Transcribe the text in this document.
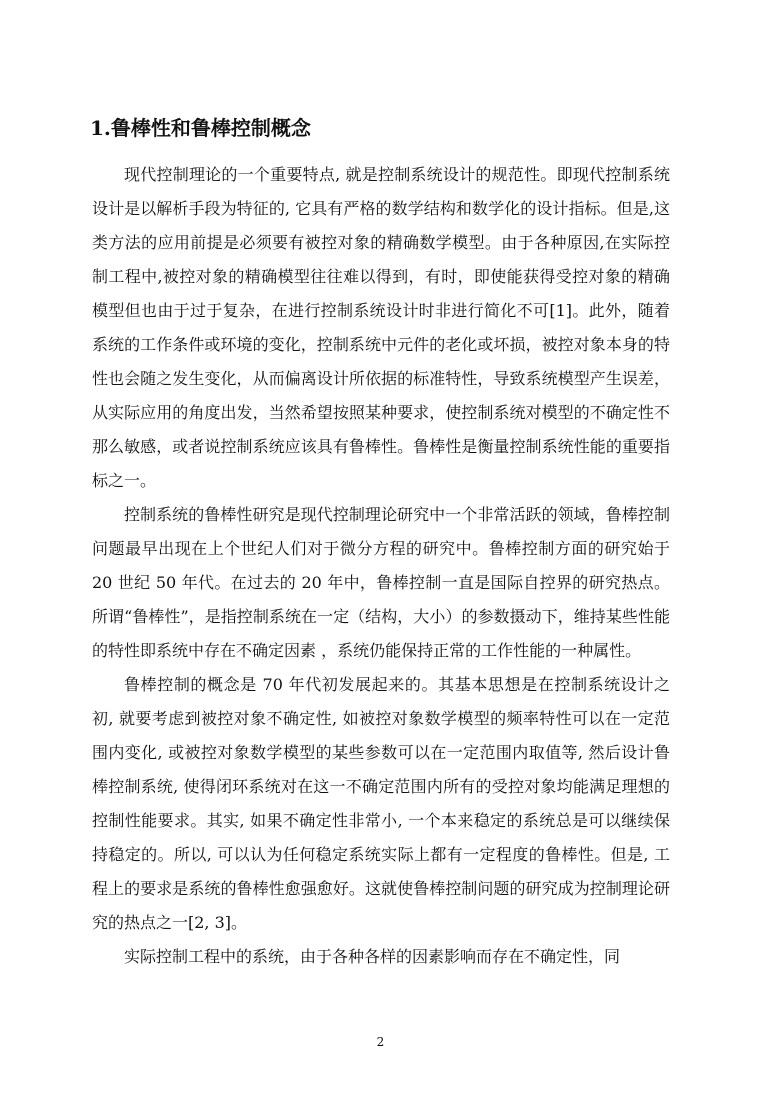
1.鲁棒性和鲁棒控制概念

现代控制理论的一个重要特点, 就是控制系统设计的规范性。即现代控制系统设计是以解析手段为特征的, 它具有严格的数学结构和数学化的设计指标。但是,这类方法的应用前提是必须要有被控对象的精确数学模型。由于各种原因,在实际控制工程中,被控对象的精确模型往往难以得到，有时，即使能获得受控对象的精确模型但也由于过于复杂，在进行控制系统设计时非进行简化不可[1]。此外，随着系统的工作条件或环境的变化，控制系统中元件的老化或坏损，被控对象本身的特性也会随之发生变化，从而偏离设计所依据的标准特性，导致系统模型产生误差，从实际应用的角度出发，当然希望按照某种要求，使控制系统对模型的不确定性不那么敏感，或者说控制系统应该具有鲁棒性。鲁棒性是衡量控制系统性能的重要指标之一。

控制系统的鲁棒性研究是现代控制理论研究中一个非常活跃的领域，鲁棒控制问题最早出现在上个世纪人们对于微分方程的研究中。鲁棒控制方面的研究始于 20 世纪 50 年代。在过去的 20 年中，鲁棒控制一直是国际自控界的研究热点。所谓“鲁棒性”，是指控制系统在一定（结构，大小）的参数摄动下，维持某些性能的特性即系统中存在不确定因素 ，系统仍能保持正常的工作性能的一种属性。

鲁棒控制的概念是 70 年代初发展起来的。其基本思想是在控制系统设计之初, 就要考虑到被控对象不确定性, 如被控对象数学模型的频率特性可以在一定范围内变化, 或被控对象数学模型的某些参数可以在一定范围内取值等, 然后设计鲁棒控制系统, 使得闭环系统对在这一不确定范围内所有的受控对象均能满足理想的控制性能要求。其实, 如果不确定性非常小, 一个本来稳定的系统总是可以继续保持稳定的。所以, 可以认为任何稳定系统实际上都有一定程度的鲁棒性。但是, 工程上的要求是系统的鲁棒性愈强愈好。这就使鲁棒控制问题的研究成为控制理论研究的热点之一[2, 3]。

实际控制工程中的系统，由于各种各样的因素影响而存在不确定性，同

2
